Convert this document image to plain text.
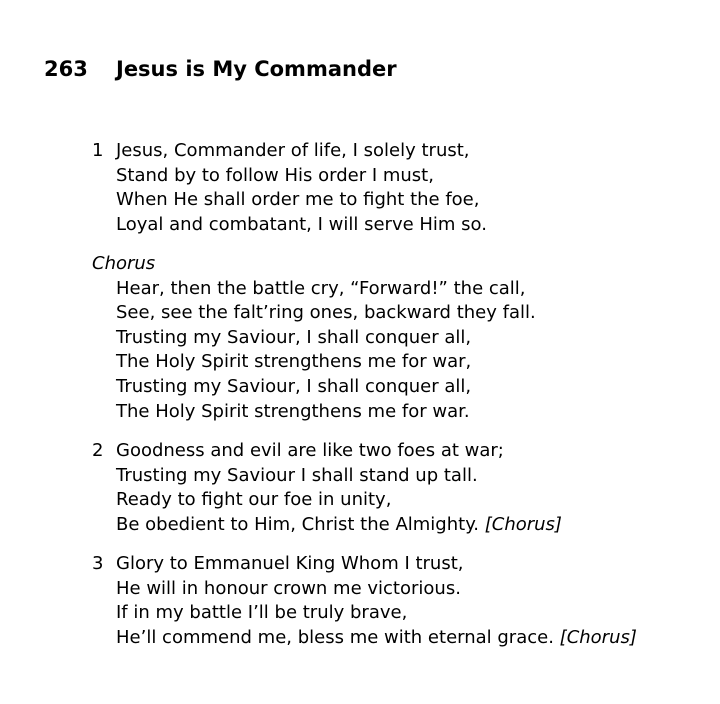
263 Jesus is My Commander
1 Jesus, Commander of life, I solely trust,
Stand by to follow His order I must,
When He shall order me to fight the foe,
Loyal and combatant, I will serve Him so.
Chorus
Hear, then the battle cry, “Forward!” the call,
See, see the falt’ring ones, backward they fall.
Trusting my Saviour, I shall conquer all,
The Holy Spirit strengthens me for war,
Trusting my Saviour, I shall conquer all,
The Holy Spirit strengthens me for war.
2 Goodness and evil are like two foes at war;
Trusting my Saviour I shall stand up tall.
Ready to fight our foe in unity,
Be obedient to Him, Christ the Almighty. [Chorus]
3 Glory to Emmanuel King Whom I trust,
He will in honour crown me victorious.
If in my battle I’ll be truly brave,
He’ll commend me, bless me with eternal grace. [Chorus]
